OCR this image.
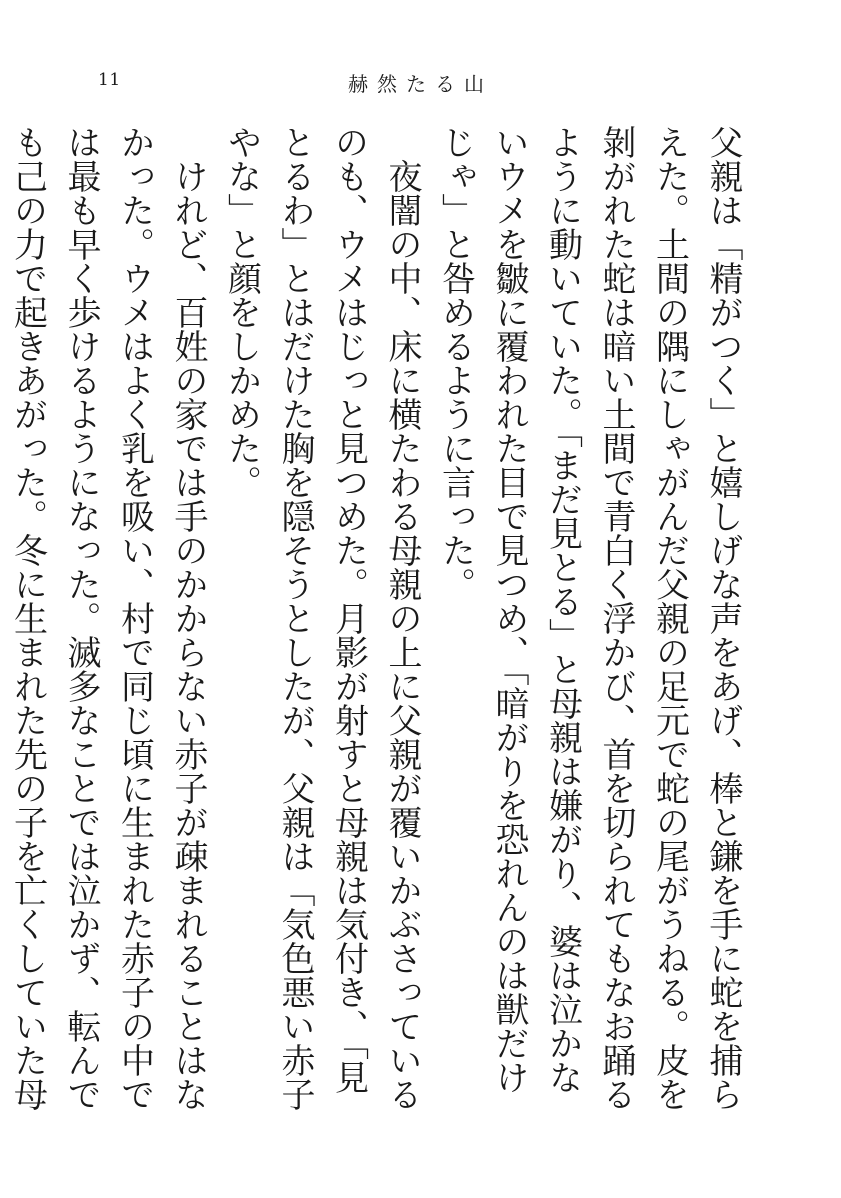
11	赫然たる山

父親は「精がつく」と嬉しげな声をあげ、棒と鎌を手に蛇を捕らえた。土間の隅にしゃがんだ父親の足元で蛇の尾がうねる。皮を剝がれた蛇は暗い土間で青白く浮かび、首を切られてもなお踊るように動いていた。「まだ見とる」と母親は嫌がり、婆は泣かないウメを皺に覆われた目で見つめ、「暗がりを恐れんのは獣だけじゃ」と咎めるように言った。

夜闇の中、床に横たわる母親の上に父親が覆いかぶさっているのも、ウメはじっと見つめた。月影が射すと母親は気付き、「見とるわ」とはだけた胸を隠そうとしたが、父親は「気色悪い赤子やな」と顔をしかめた。

けれど、百姓の家では手のかからない赤子が疎まれることはなかった。ウメはよく乳を吸い、村で同じ頃に生まれた赤子の中では最も早く歩けるようになった。滅多なことでは泣かず、転んでも己の力で起きあがった。冬に生まれた先の子を亡くしていた母
